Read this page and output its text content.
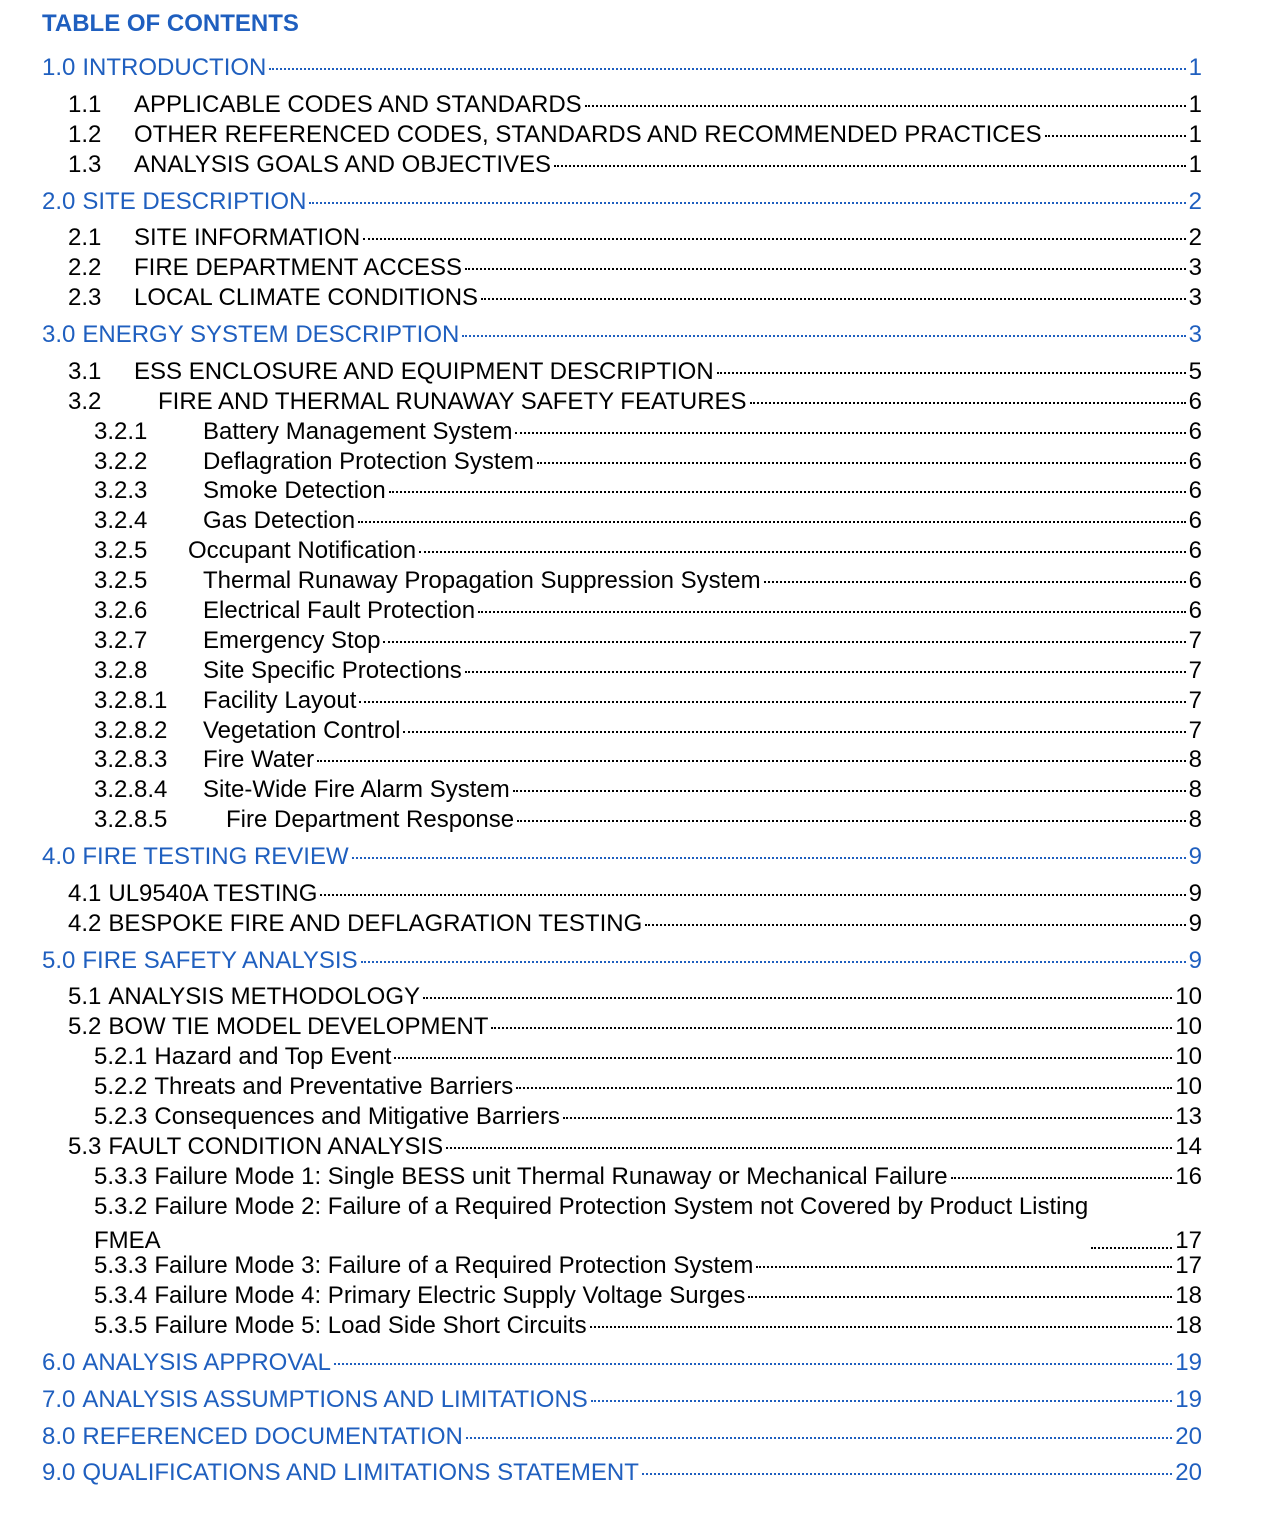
TABLE OF CONTENTS
1.0 INTRODUCTION	1
1.1	APPLICABLE CODES AND STANDARDS	1
1.2	OTHER REFERENCED CODES, STANDARDS AND RECOMMENDED PRACTICES	1
1.3	ANALYSIS GOALS AND OBJECTIVES	1
2.0 SITE DESCRIPTION	2
2.1	SITE INFORMATION	2
2.2	FIRE DEPARTMENT ACCESS	3
2.3	LOCAL CLIMATE CONDITIONS	3
3.0 ENERGY SYSTEM DESCRIPTION	3
3.1	ESS ENCLOSURE AND EQUIPMENT DESCRIPTION	5
3.2	FIRE AND THERMAL RUNAWAY SAFETY FEATURES	6
3.2.1	Battery Management System	6
3.2.2	Deflagration Protection System	6
3.2.3	Smoke Detection	6
3.2.4	Gas Detection	6
3.2.5	Occupant Notification	6
3.2.5	Thermal Runaway Propagation Suppression System	6
3.2.6	Electrical Fault Protection	6
3.2.7	Emergency Stop	7
3.2.8	Site Specific Protections	7
3.2.8.1	Facility Layout	7
3.2.8.2	Vegetation Control	7
3.2.8.3	Fire Water	8
3.2.8.4	Site-Wide Fire Alarm System	8
3.2.8.5	Fire Department Response	8
4.0 FIRE TESTING REVIEW	9
4.1 UL9540A TESTING	9
4.2 BESPOKE FIRE AND DEFLAGRATION TESTING	9
5.0 FIRE SAFETY ANALYSIS	9
5.1 ANALYSIS METHODOLOGY	10
5.2 BOW TIE MODEL DEVELOPMENT	10
5.2.1 Hazard and Top Event	10
5.2.2 Threats and Preventative Barriers	10
5.2.3 Consequences and Mitigative Barriers	13
5.3 FAULT CONDITION ANALYSIS	14
5.3.3 Failure Mode 1: Single BESS unit Thermal Runaway or Mechanical Failure	16
5.3.2 Failure Mode 2: Failure of a Required Protection System not Covered by Product Listing
FMEA	17
5.3.3 Failure Mode 3: Failure of a Required Protection System	17
5.3.4 Failure Mode 4: Primary Electric Supply Voltage Surges	18
5.3.5 Failure Mode 5: Load Side Short Circuits	18
6.0 ANALYSIS APPROVAL	19
7.0 ANALYSIS ASSUMPTIONS AND LIMITATIONS	19
8.0 REFERENCED DOCUMENTATION	20
9.0 QUALIFICATIONS AND LIMITATIONS STATEMENT	20
